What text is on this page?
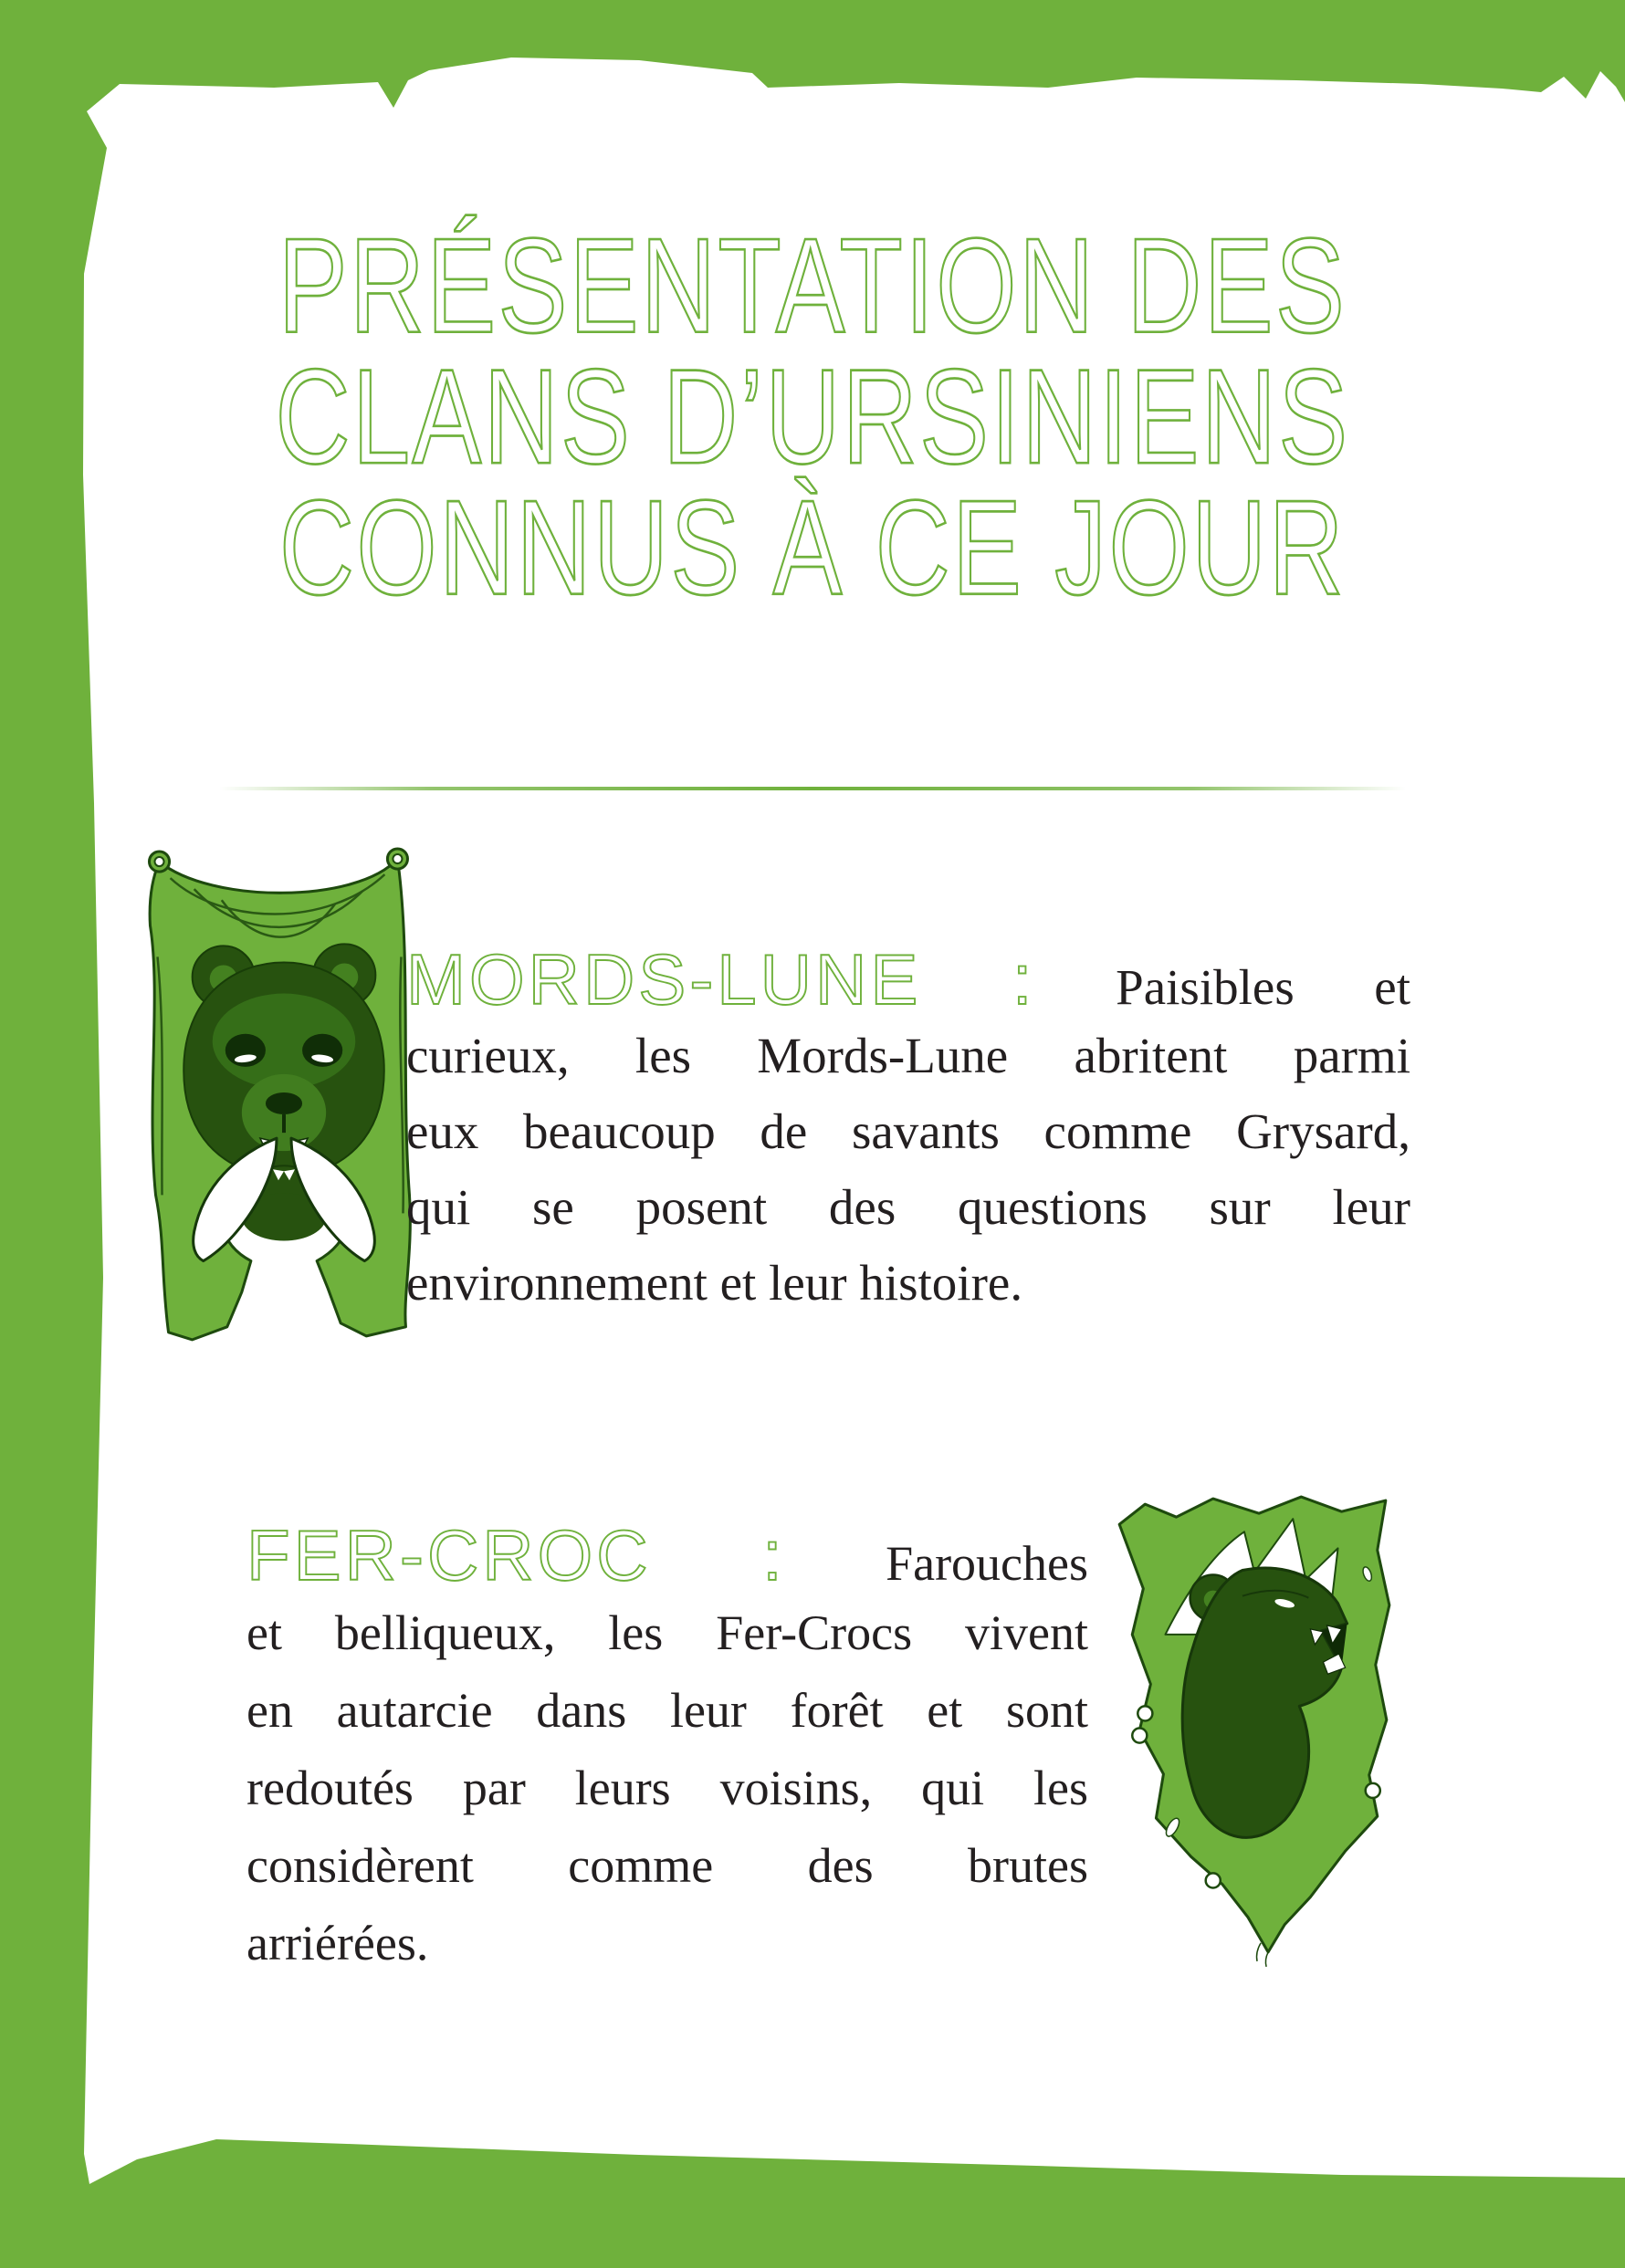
PRÉSENTATION DES
CLANS D’URSINIENS
CONNUS À CE JOUR
MORDS-LUNE : Paisibles et
curieux, les Mords-Lune abritent parmi
eux beaucoup de savants comme Grysard,
qui se posent des questions sur leur
environnement et leur histoire.
FER-CROC : Farouches
et belliqueux, les Fer-Crocs vivent
en autarcie dans leur forêt et sont
redoutés par leurs voisins, qui les
considèrent comme des brutes
arriérées.
